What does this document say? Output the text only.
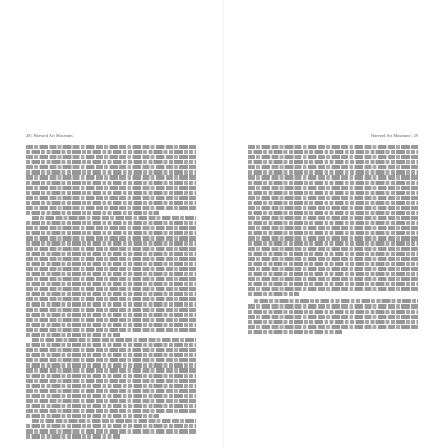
28 | Harvard Art Museums	Harvard Art Museums | 29
